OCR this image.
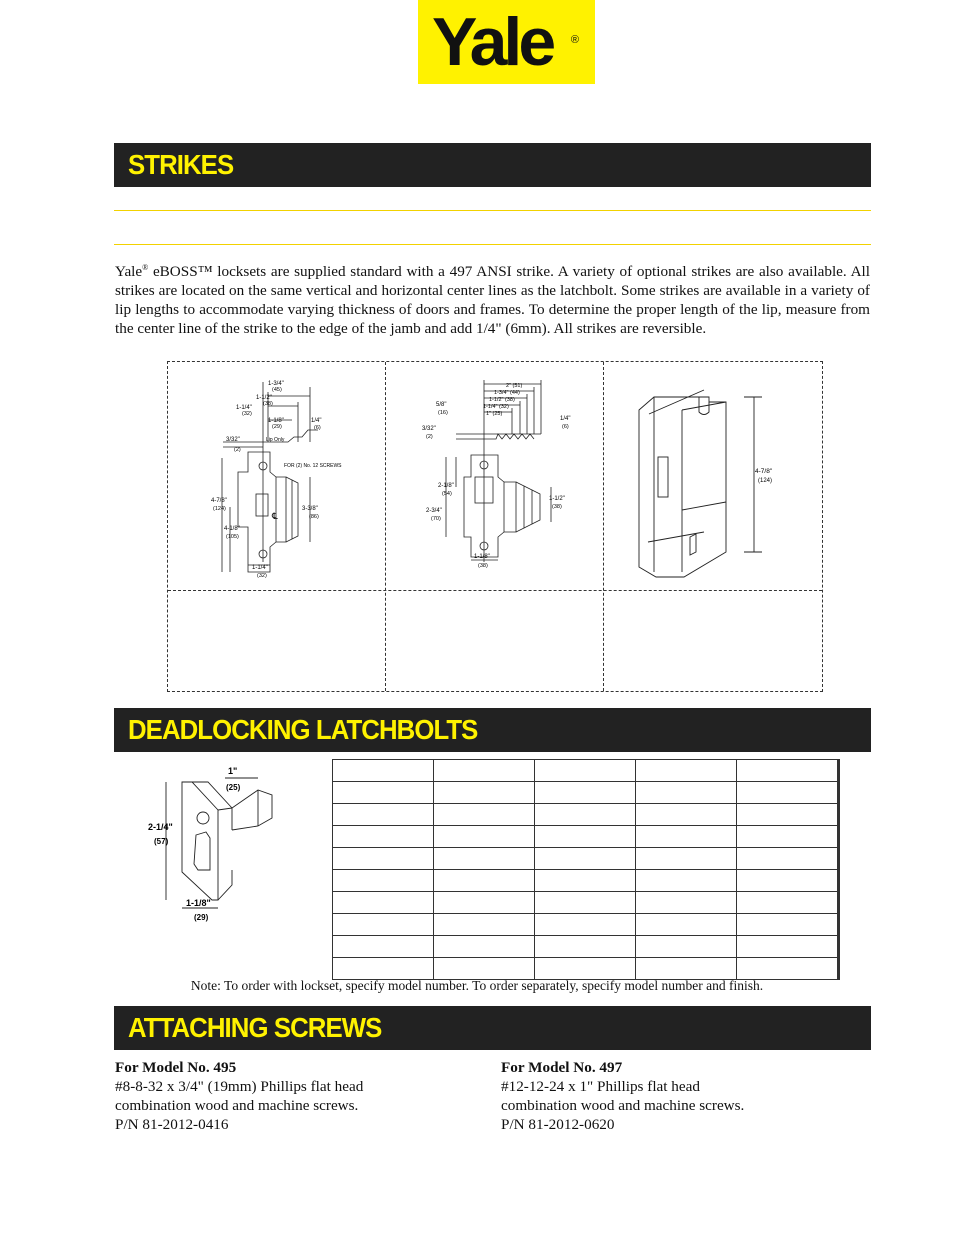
Yale ®
STRIKES
Yale® eBOSS™ locksets are supplied standard with a 497 ANSI strike. A variety of optional strikes are also available. All strikes are located on the same vertical and horizontal center lines as the latchbolt. Some strikes are available in a variety of lip lengths to accommodate varying thickness of doors and frames. To determine the proper length of the lip, measure from the center line of the strike to the edge of the jamb and add 1/4" (6mm). All strikes are reversible.
1-3/4"
(45)
1-1/2"
(38)
1-1/4"
(32)
1-1/8"
(29)
1/4"
(6)
3/32"
(2)
Lip Only
FOR (2) No. 12 SCREWS
4-7/8"
(124)
4-1/8"
(105)
3-3/8"
(86)
1-1/4"
(32)
℄
2" (51)
1-3/4" (44)
1-1/2" (38)
1-1/4" (32)
1" (25)
5/8"
(16)
3/32"
(2)
1/4"
(6)
2-1/8"
(54)
2-3/4"
(70)
1-1/2"
(38)
1-1/8"
(38)
4-7/8"
(124)
DEADLOCKING LATCHBOLTS
1"
(25)
2-1/4"
(57)
1-1/8"
(29)

Note: To order with lockset, specify model number. To order separately, specify model number and finish.
ATTACHING SCREWS
For Model No. 495
#8-8-32 x 3/4" (19mm) Phillips flat head
combination wood and machine screws.
P/N 81-2012-0416
For Model No. 497
#12-12-24 x 1" Phillips flat head
combination wood and machine screws.
P/N 81-2012-0620
